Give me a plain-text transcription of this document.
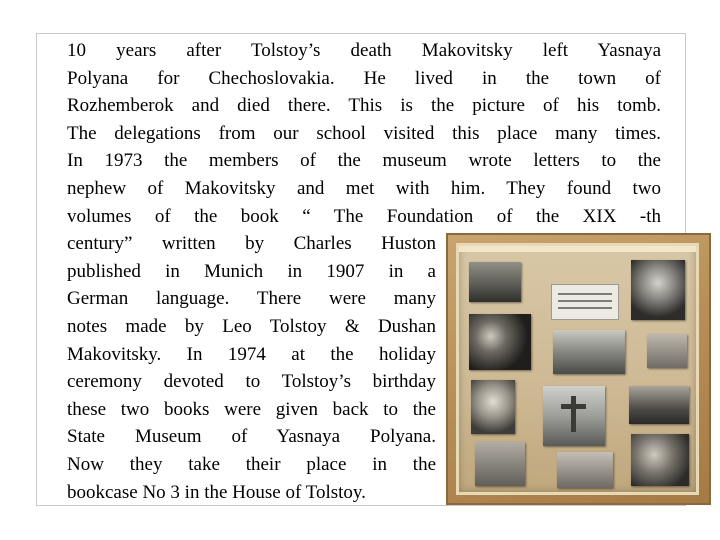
10 years after Tolstoy’s death Makovitsky left Yasnaya
Polyana for Chechoslovakia. He lived in the town of
Rozhemberok and died there. This is the picture of his tomb.
The delegations from our school visited this place many times.
In 1973 the members of the museum wrote letters to the
nephew of Makovitsky and met with him. They found two
volumes of the book “ The Foundation of the XIX -th
century” written by Charles Huston
published in Munich in 1907 in a
German language. There were many
notes made by Leo Tolstoy & Dushan
Makovitsky. In 1974 at the holiday
ceremony devoted to Tolstoy’s birthday
these two books were given back to the
State Museum of Yasnaya Polyana.
Now they take their place in the
bookcase No 3 in the House of Tolstoy.
